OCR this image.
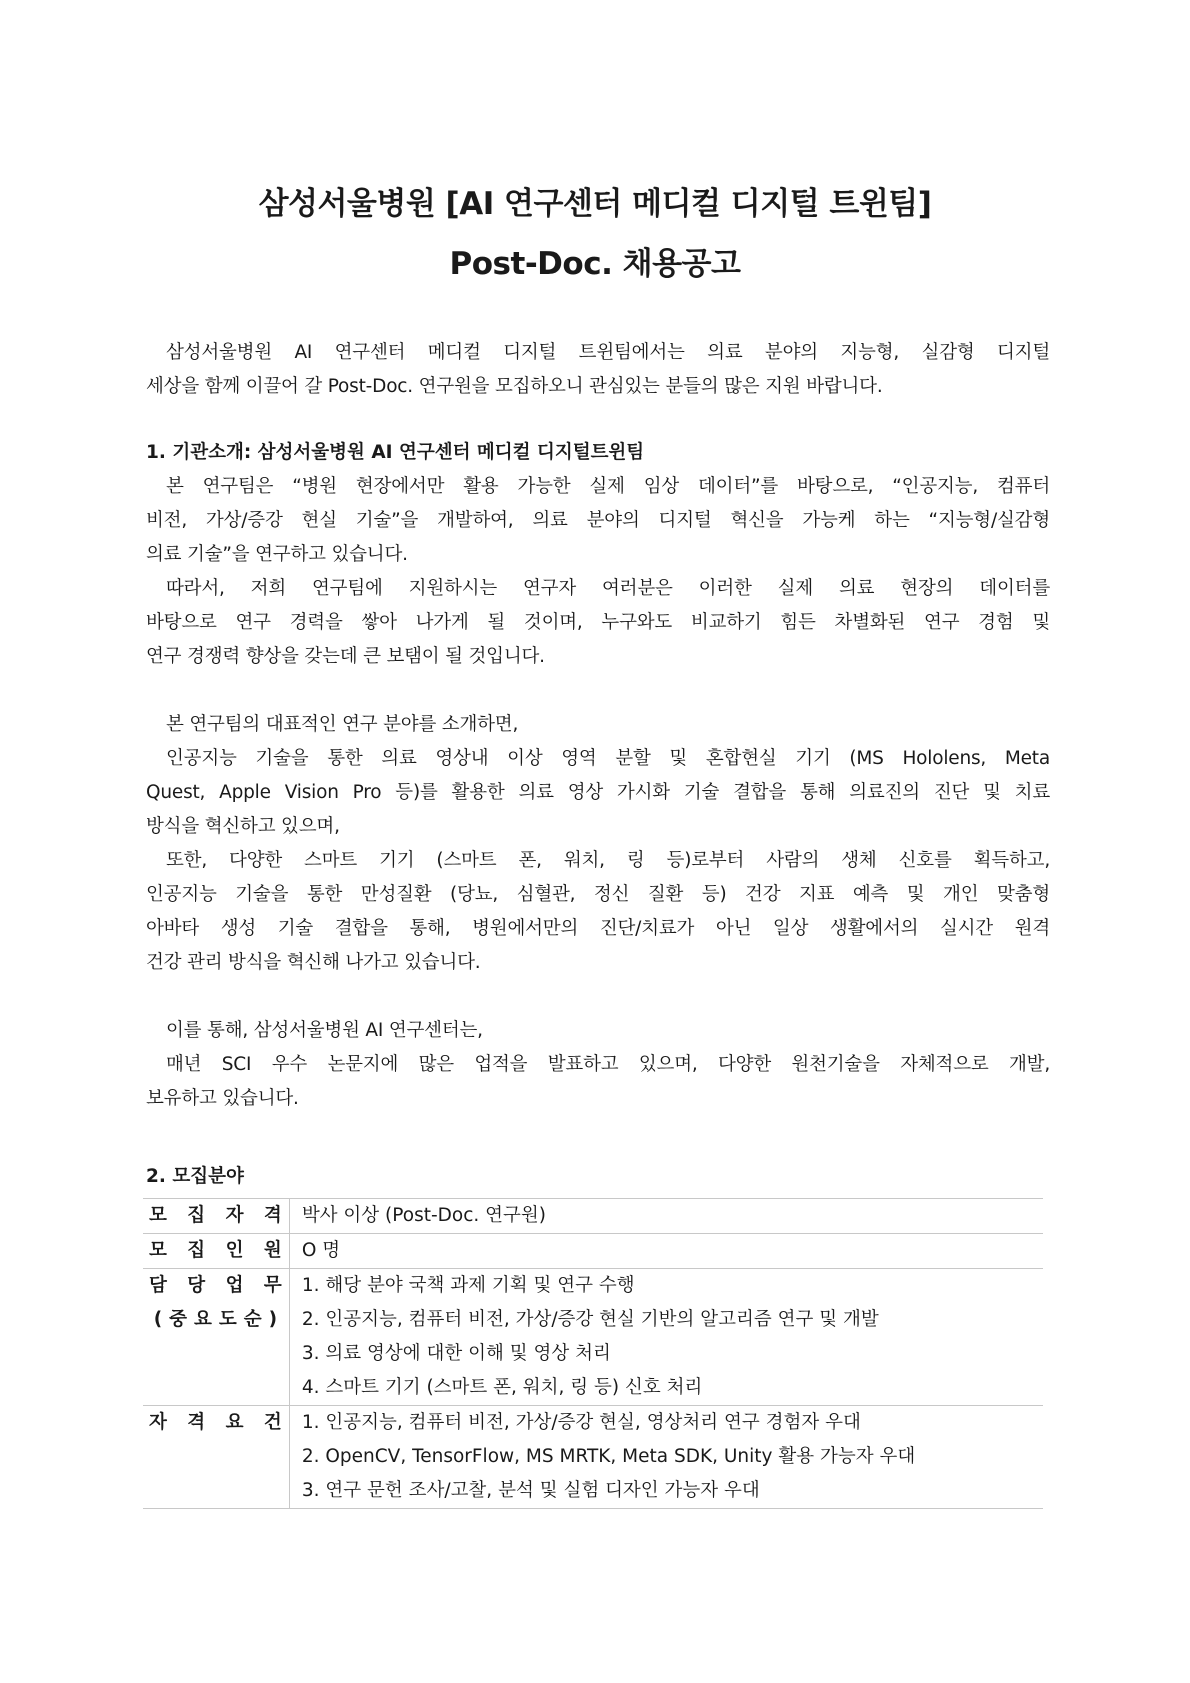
삼성서울병원 [AI 연구센터 메디컬 디지털 트윈팀]
Post-Doc. 채용공고
삼성서울병원 AI 연구센터 메디컬 디지털 트윈팀에서는 의료 분야의 지능형, 실감형 디지털
세상을 함께 이끌어 갈 Post-Doc. 연구원을 모집하오니 관심있는 분들의 많은 지원 바랍니다.
1. 기관소개: 삼성서울병원 AI 연구센터 메디컬 디지털트윈팀
본 연구팀은 “병원 현장에서만 활용 가능한 실제 임상 데이터”를 바탕으로, “인공지능, 컴퓨터
비전, 가상/증강 현실 기술”을 개발하여, 의료 분야의 디지털 혁신을 가능케 하는 “지능형/실감형
의료 기술”을 연구하고 있습니다.
따라서, 저희 연구팀에 지원하시는 연구자 여러분은 이러한 실제 의료 현장의 데이터를
바탕으로 연구 경력을 쌓아 나가게 될 것이며, 누구와도 비교하기 힘든 차별화된 연구 경험 및
연구 경쟁력 향상을 갖는데 큰 보탬이 될 것입니다.
본 연구팀의 대표적인 연구 분야를 소개하면,
인공지능 기술을 통한 의료 영상내 이상 영역 분할 및 혼합현실 기기 (MS Hololens, Meta
Quest, Apple Vision Pro 등)를 활용한 의료 영상 가시화 기술 결합을 통해 의료진의 진단 및 치료
방식을 혁신하고 있으며,
또한, 다양한 스마트 기기 (스마트 폰, 워치, 링 등)로부터 사람의 생체 신호를 획득하고,
인공지능 기술을 통한 만성질환 (당뇨, 심혈관, 정신 질환 등) 건강 지표 예측 및 개인 맞춤형
아바타 생성 기술 결합을 통해, 병원에서만의 진단/치료가 아닌 일상 생활에서의 실시간 원격
건강 관리 방식을 혁신해 나가고 있습니다.
이를 통해, 삼성서울병원 AI 연구센터는,
매년 SCI 우수 논문지에 많은 업적을 발표하고 있으며, 다양한 원천기술을 자체적으로 개발,
보유하고 있습니다.
2. 모집분야
모 집 자 격	박사 이상 (Post-Doc. 연구원)

모 집 인 원	O 명

담 당 업 무
(중요도순)	1. 해당 분야 국책 과제 기획 및 연구 수행
2. 인공지능, 컴퓨터 비전, 가상/증강 현실 기반의 알고리즘 연구 및 개발
3. 의료 영상에 대한 이해 및 영상 처리
4. 스마트 기기 (스마트 폰, 워치, 링 등) 신호 처리

자 격 요 건	1. 인공지능, 컴퓨터 비전, 가상/증강 현실, 영상처리 연구 경험자 우대
2. OpenCV, TensorFlow, MS MRTK, Meta SDK, Unity 활용 가능자 우대
3. 연구 문헌 조사/고찰, 분석 및 실험 디자인 가능자 우대
